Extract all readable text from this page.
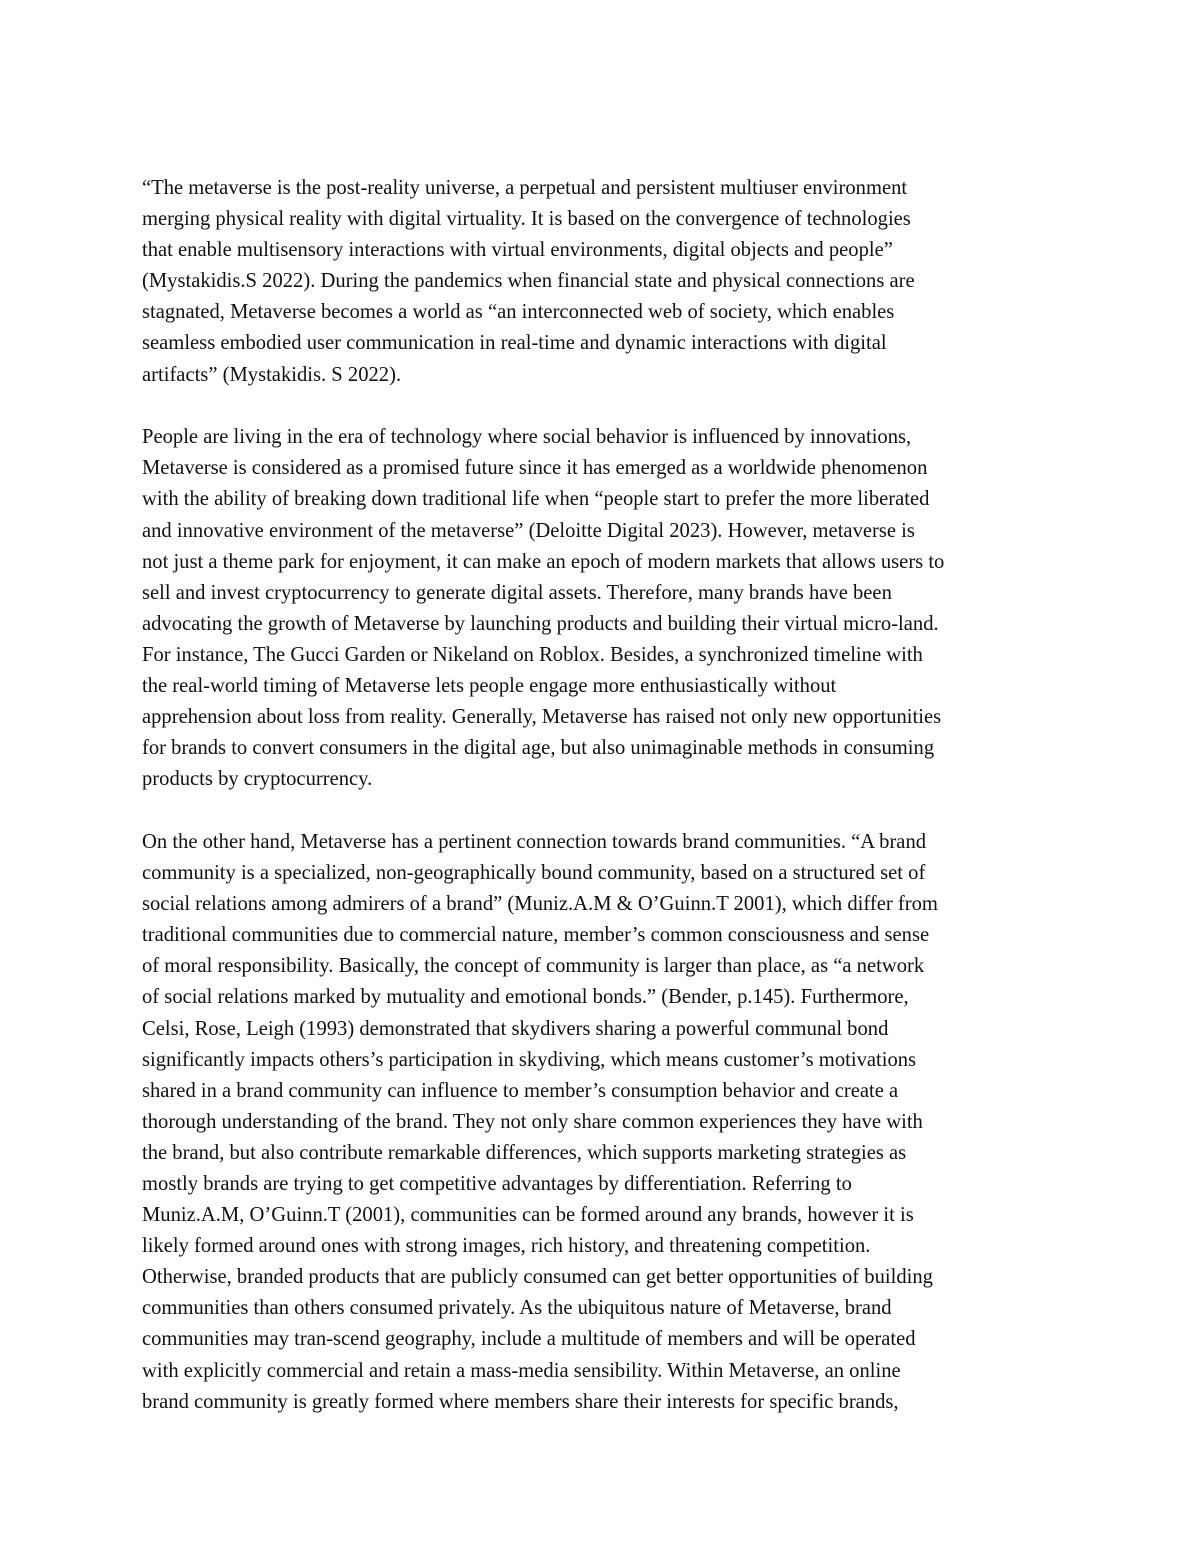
“The metaverse is the post-reality universe, a perpetual and persistent multiuser environment
merging physical reality with digital virtuality. It is based on the convergence of technologies
that enable multisensory interactions with virtual environments, digital objects and people”
(Mystakidis.S 2022). During the pandemics when financial state and physical connections are
stagnated, Metaverse becomes a world as “an interconnected web of society, which enables
seamless embodied user communication in real-time and dynamic interactions with digital
artifacts” (Mystakidis. S 2022).
People are living in the era of technology where social behavior is influenced by innovations,
Metaverse is considered as a promised future since it has emerged as a worldwide phenomenon
with the ability of breaking down traditional life when “people start to prefer the more liberated
and innovative environment of the metaverse” (Deloitte Digital 2023). However, metaverse is
not just a theme park for enjoyment, it can make an epoch of modern markets that allows users to
sell and invest cryptocurrency to generate digital assets. Therefore, many brands have been
advocating the growth of Metaverse by launching products and building their virtual micro-land.
For instance, The Gucci Garden or Nikeland on Roblox. Besides, a synchronized timeline with
the real-world timing of Metaverse lets people engage more enthusiastically without
apprehension about loss from reality. Generally, Metaverse has raised not only new opportunities
for brands to convert consumers in the digital age, but also unimaginable methods in consuming
products by cryptocurrency.
On the other hand, Metaverse has a pertinent connection towards brand communities. “A brand
community is a specialized, non-geographically bound community, based on a structured set of
social relations among admirers of a brand” (Muniz.A.M & O’Guinn.T 2001), which differ from
traditional communities due to commercial nature, member’s common consciousness and sense
of moral responsibility. Basically, the concept of community is larger than place, as “a network
of social relations marked by mutuality and emotional bonds.” (Bender, p.145). Furthermore,
Celsi, Rose, Leigh (1993) demonstrated that skydivers sharing a powerful communal bond
significantly impacts others’s participation in skydiving, which means customer’s motivations
shared in a brand community can influence to member’s consumption behavior and create a
thorough understanding of the brand. They not only share common experiences they have with
the brand, but also contribute remarkable differences, which supports marketing strategies as
mostly brands are trying to get competitive advantages by differentiation. Referring to
Muniz.A.M, O’Guinn.T (2001), communities can be formed around any brands, however it is
likely formed around ones with strong images, rich history, and threatening competition.
Otherwise, branded products that are publicly consumed can get better opportunities of building
communities than others consumed privately. As the ubiquitous nature of Metaverse, brand
communities may tran-scend geography, include a multitude of members and will be operated
with explicitly commercial and retain a mass-media sensibility. Within Metaverse, an online
brand community is greatly formed where members share their interests for specific brands,
